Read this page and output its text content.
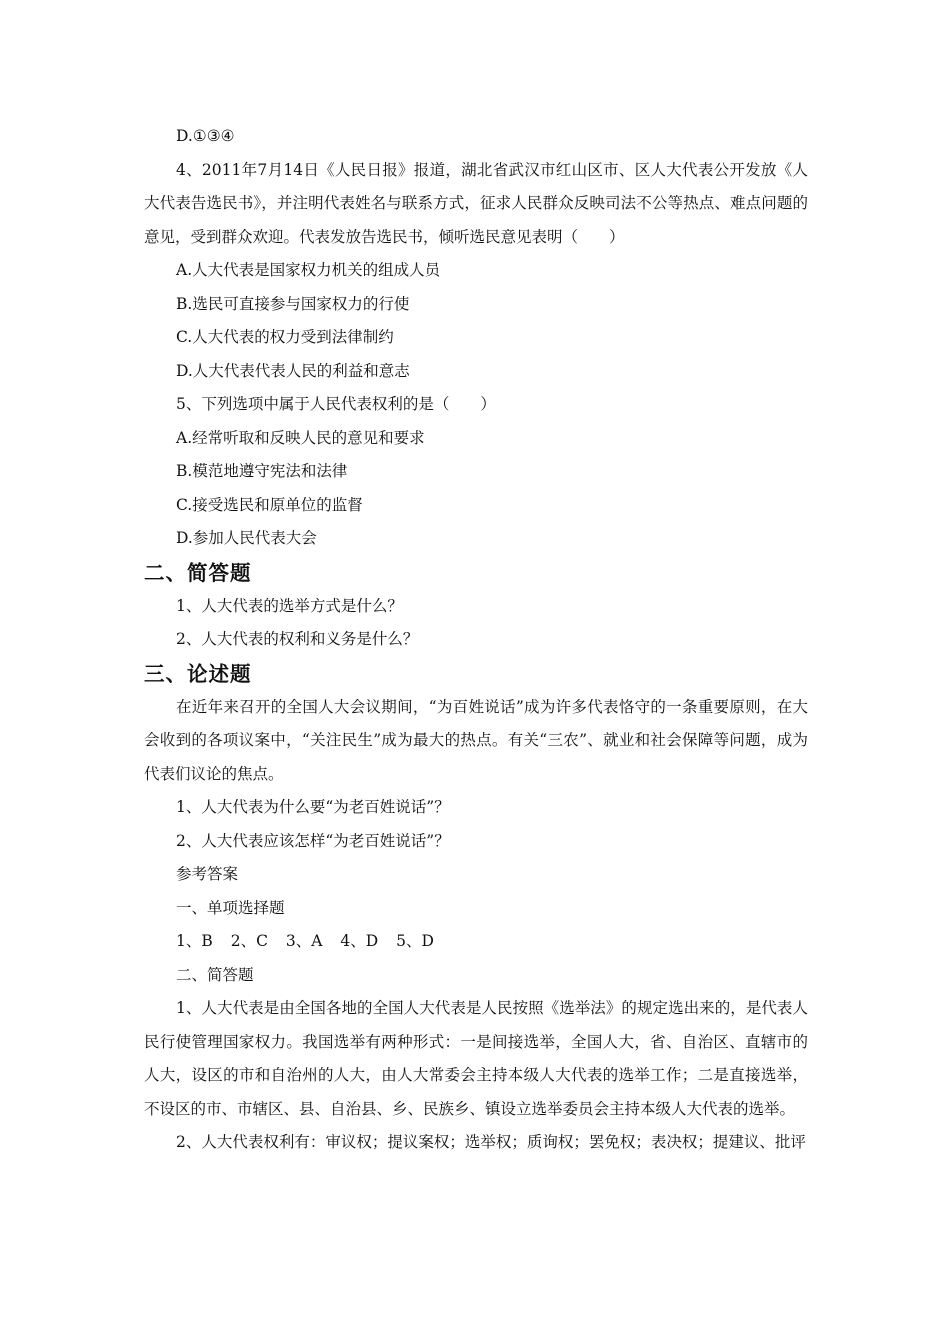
D.①③④
4、2011年7月14日《人民日报》报道，湖北省武汉市红山区市、区人大代表公开发放《人大代表告选民书》，并注明代表姓名与联系方式，征求人民群众反映司法不公等热点、难点问题的意见，受到群众欢迎。代表发放告选民书，倾听选民意见表明（　　）
A.人大代表是国家权力机关的组成人员
B.选民可直接参与国家权力的行使
C.人大代表的权力受到法律制约
D.人大代表代表人民的利益和意志
5、下列选项中属于人民代表权利的是（　　）
A.经常听取和反映人民的意见和要求
B.模范地遵守宪法和法律
C.接受选民和原单位的监督
D.参加人民代表大会
二、简答题
1、人大代表的选举方式是什么？
2、人大代表的权利和义务是什么？
三、论述题
在近年来召开的全国人大会议期间，“为百姓说话”成为许多代表恪守的一条重要原则，在大会收到的各项议案中，“关注民生”成为最大的热点。有关“三农”、就业和社会保障等问题，成为代表们议论的焦点。
1、人大代表为什么要“为老百姓说话”？
2、人大代表应该怎样“为老百姓说话”？
参考答案
一、单项选择题
1、B 2、C 3、A 4、D 5、D
二、简答题
1、人大代表是由全国各地的全国人大代表是人民按照《选举法》的规定选出来的，是代表人民行使管理国家权力。我国选举有两种形式：一是间接选举，全国人大，省、自治区、直辖市的人大，设区的市和自治州的人大，由人大常委会主持本级人大代表的选举工作；二是直接选举，不设区的市、市辖区、县、自治县、乡、民族乡、镇设立选举委员会主持本级人大代表的选举。
2、人大代表权利有：审议权；提议案权；选举权；质询权；罢免权；表决权；提建议、批评
